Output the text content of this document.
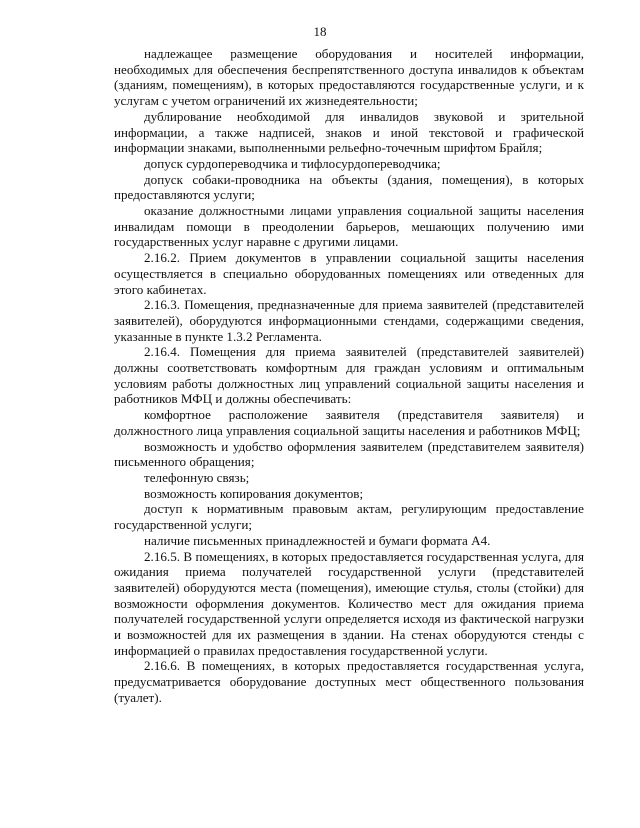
18

надлежащее размещение оборудования и носителей информации, необходимых для обеспечения беспрепятственного доступа инвалидов к объектам (зданиям, помещениям), в которых предоставляются государственные услуги, и к услугам с учетом ограничений их жизнедеятельности;

дублирование необходимой для инвалидов звуковой и зрительной информации, а также надписей, знаков и иной текстовой и графической информации знаками, выполненными рельефно-точечным шрифтом Брайля;

допуск сурдопереводчика и тифлосурдопереводчика;

допуск собаки-проводника на объекты (здания, помещения), в которых предоставляются услуги;

оказание должностными лицами управления социальной защиты населения инвалидам помощи в преодолении барьеров, мешающих получению ими государственных услуг наравне с другими лицами.

2.16.2. Прием документов в управлении социальной защиты населения осуществляется в специально оборудованных помещениях или отведенных для этого кабинетах.

2.16.3. Помещения, предназначенные для приема заявителей (представителей заявителей), оборудуются информационными стендами, содержащими сведения, указанные в пункте 1.3.2 Регламента.

2.16.4. Помещения для приема заявителей (представителей заявителей) должны соответствовать комфортным для граждан условиям и оптимальным условиям работы должностных лиц управлений социальной защиты населения и работников МФЦ и должны обеспечивать:

комфортное расположение заявителя (представителя заявителя) и должностного лица управления социальной защиты населения и работников МФЦ;

возможность и удобство оформления заявителем (представителем заявителя) письменного обращения;

телефонную связь;

возможность копирования документов;

доступ к нормативным правовым актам, регулирующим предоставление государственной услуги;

наличие письменных принадлежностей и бумаги формата А4.

2.16.5. В помещениях, в которых предоставляется государственная услуга, для ожидания приема получателей государственной услуги (представителей заявителей) оборудуются места (помещения), имеющие стулья, столы (стойки) для возможности оформления документов. Количество мест для ожидания приема получателей государственной услуги определяется исходя из фактической нагрузки и возможностей для их размещения в здании. На стенах оборудуются стенды с информацией о правилах предоставления государственной услуги.

2.16.6. В помещениях, в которых предоставляется государственная услуга, предусматривается оборудование доступных мест общественного пользования (туалет).
